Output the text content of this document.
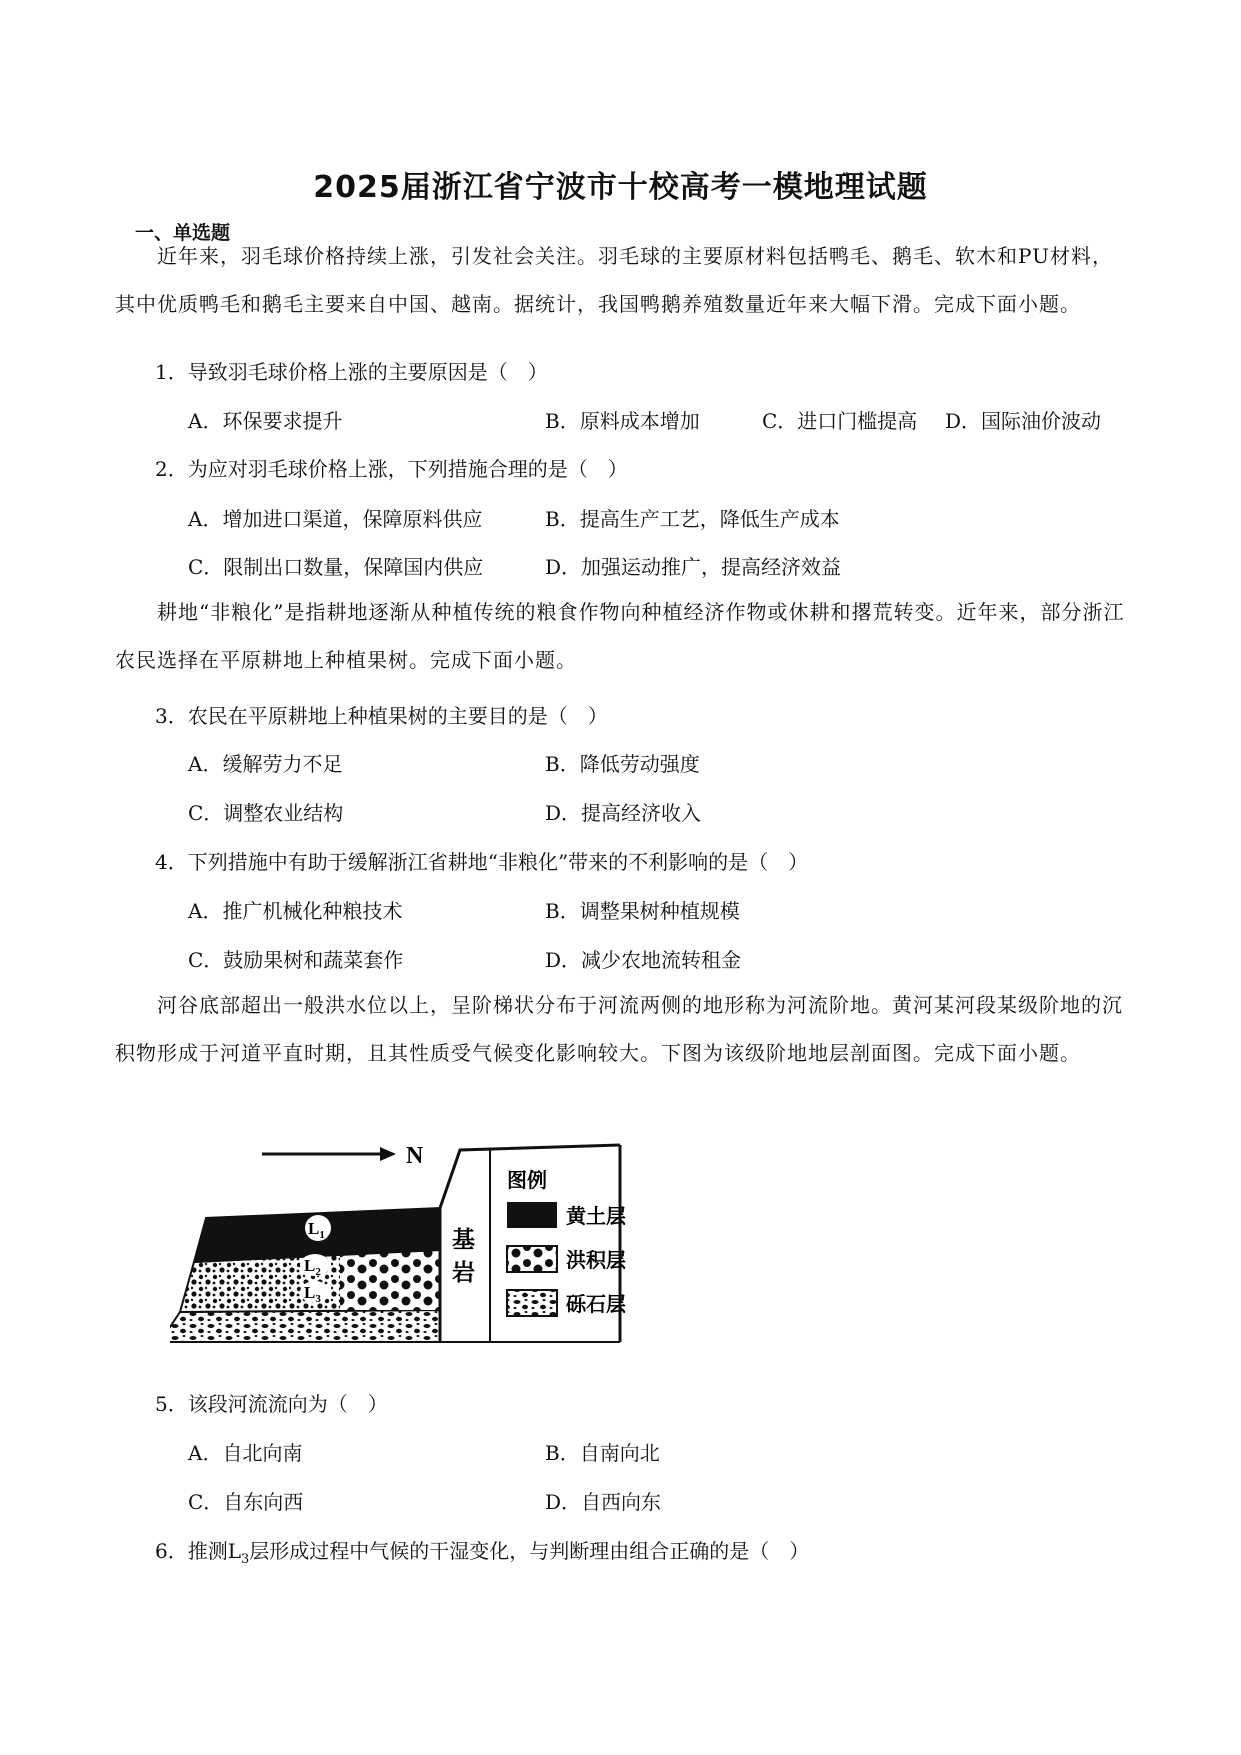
2025届浙江省宁波市十校高考一模地理试题
一、单选题
近年来，羽毛球价格持续上涨，引发社会关注。羽毛球的主要原材料包括鸭毛、鹅毛、软木和PU材料，其中优质鸭毛和鹅毛主要来自中国、越南。据统计，我国鸭鹅养殖数量近年来大幅下滑。完成下面小题。
1．导致羽毛球价格上涨的主要原因是（　）
A．环保要求提升	B．原料成本增加	C．进口门槛提高 D．国际油价波动
2．为应对羽毛球价格上涨，下列措施合理的是（　）
A．增加进口渠道，保障原料供应	B．提高生产工艺，降低生产成本
C．限制出口数量，保障国内供应	D．加强运动推广，提高经济效益
耕地“非粮化”是指耕地逐渐从种植传统的粮食作物向种植经济作物或休耕和撂荒转变。近年来，部分浙江农民选择在平原耕地上种植果树。完成下面小题。
3．农民在平原耕地上种植果树的主要目的是（　）
A．缓解劳力不足	B．降低劳动强度
C．调整农业结构	D．提高经济收入
4．下列措施中有助于缓解浙江省耕地“非粮化”带来的不利影响的是（　）
A．推广机械化种粮技术	B．调整果树种植规模
C．鼓励果树和蔬菜套作	D．减少农地流转租金
河谷底部超出一般洪水位以上，呈阶梯状分布于河流两侧的地形称为河流阶地。黄河某河段某级阶地的沉积物形成于河道平直时期，且其性质受气候变化影响较大。下图为该级阶地地层剖面图。完成下面小题。
N
$L_1$
$L_2$
$L_3$
基
岩
图例
黄土层
洪积层
砾石层
5．该段河流流向为（　）
A．自北向南	B．自南向北
C．自东向西	D．自西向东
6．推测$L_3$层形成过程中气候的干湿变化，与判断理由组合正确的是（　）
